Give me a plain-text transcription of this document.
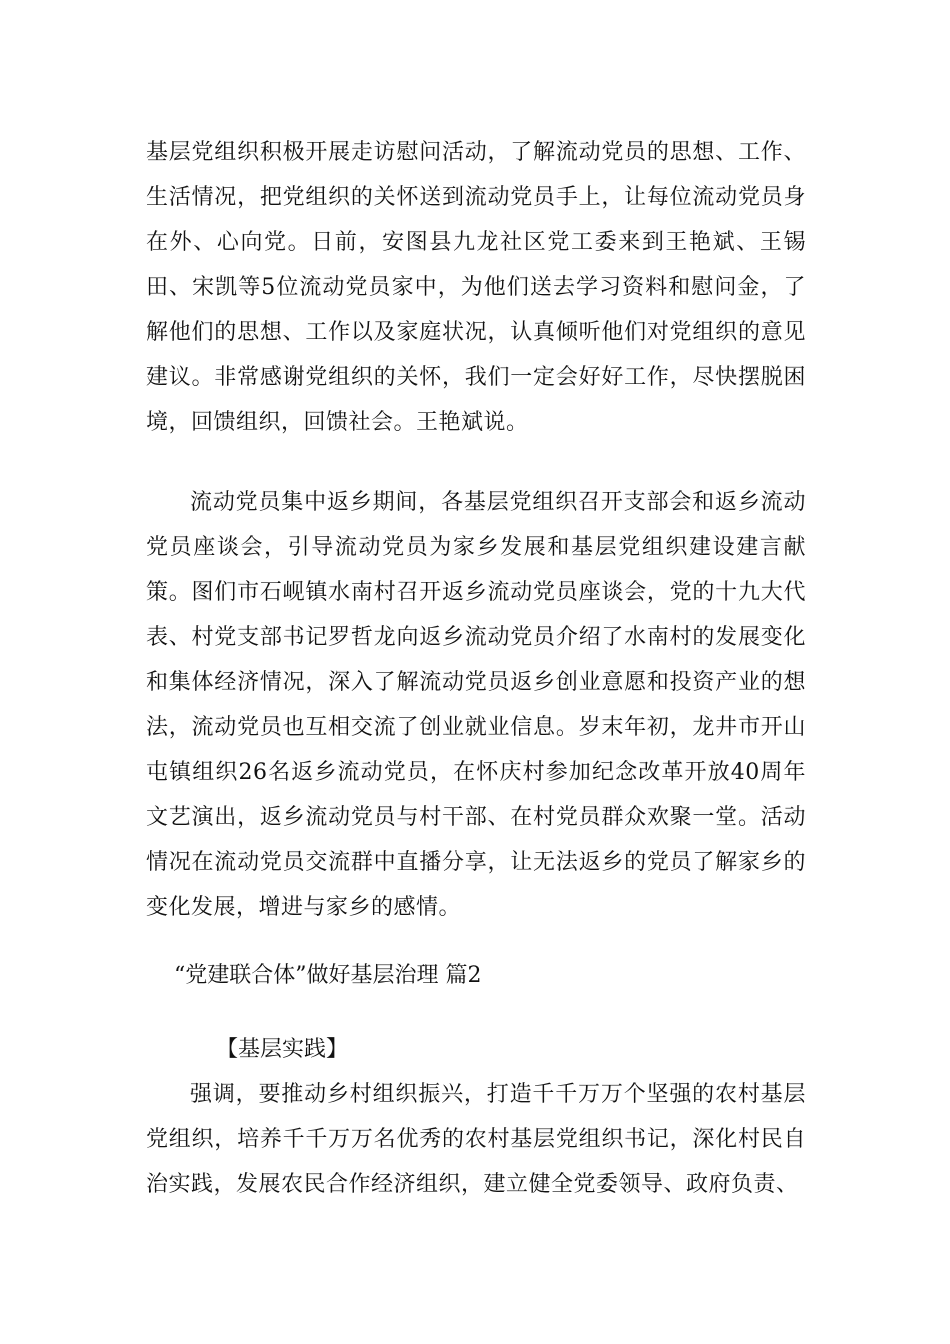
基层党组织积极开展走访慰问活动，了解流动党员的思想、工作、生活情况，把党组织的关怀送到流动党员手上，让每位流动党员身在外、心向党。日前，安图县九龙社区党工委来到王艳斌、王锡田、宋凯等5位流动党员家中，为他们送去学习资料和慰问金，了解他们的思想、工作以及家庭状况，认真倾听他们对党组织的意见建议。非常感谢党组织的关怀，我们一定会好好工作，尽快摆脱困境，回馈组织，回馈社会。王艳斌说。
流动党员集中返乡期间，各基层党组织召开支部会和返乡流动党员座谈会，引导流动党员为家乡发展和基层党组织建设建言献策。图们市石岘镇水南村召开返乡流动党员座谈会，党的十九大代表、村党支部书记罗哲龙向返乡流动党员介绍了水南村的发展变化和集体经济情况，深入了解流动党员返乡创业意愿和投资产业的想法，流动党员也互相交流了创业就业信息。岁末年初，龙井市开山屯镇组织26名返乡流动党员，在怀庆村参加纪念改革开放40周年文艺演出，返乡流动党员与村干部、在村党员群众欢聚一堂。活动情况在流动党员交流群中直播分享，让无法返乡的党员了解家乡的变化发展，增进与家乡的感情。
“党建联合体”做好基层治理 篇2
【基层实践】
强调，要推动乡村组织振兴，打造千千万万个坚强的农村基层党组织，培养千千万万名优秀的农村基层党组织书记，深化村民自治实践，发展农民合作经济组织，建立健全党委领导、政府负责、
